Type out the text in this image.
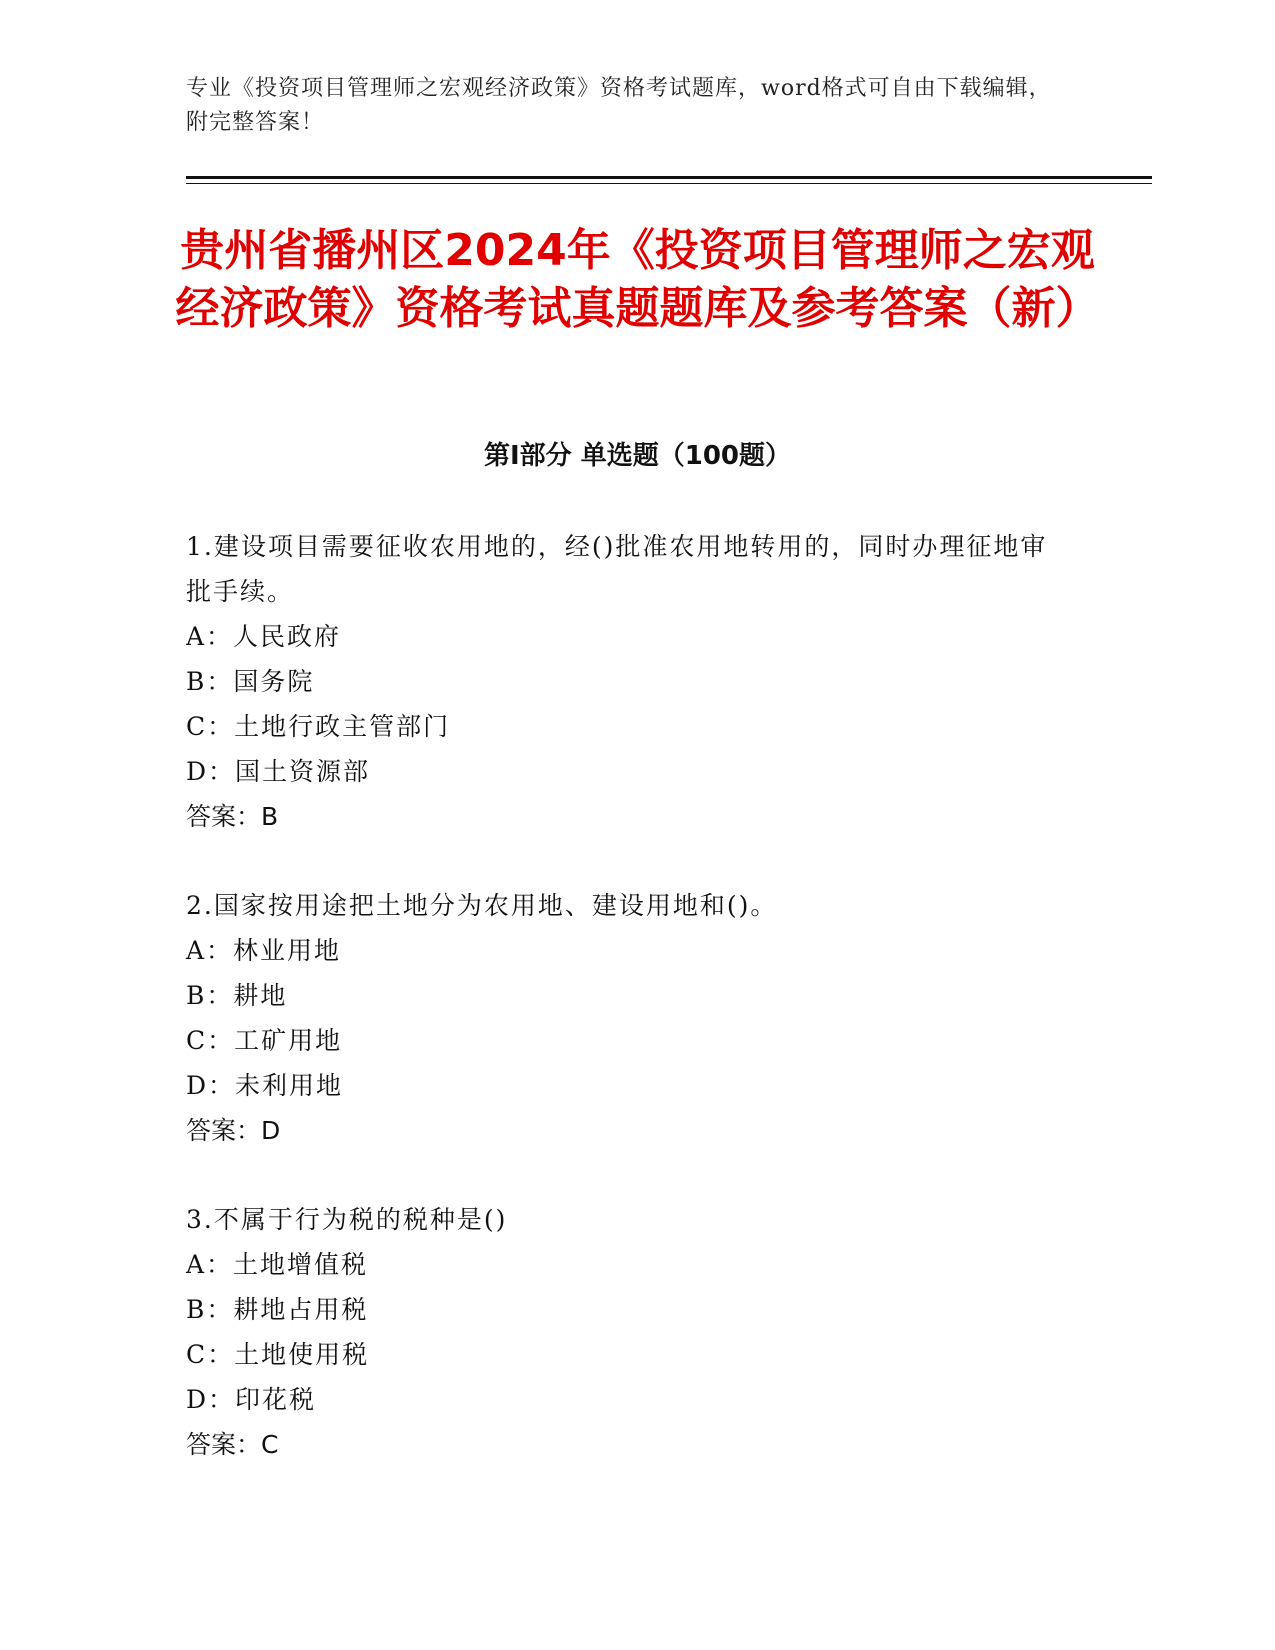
专业《投资项目管理师之宏观经济政策》资格考试题库，word格式可自由下载编辑，附完整答案！
贵州省播州区2024年《投资项目管理师之宏观经济政策》资格考试真题题库及参考答案（新）
第I部分 单选题（100题）
1.建设项目需要征收农用地的，经()批准农用地转用的，同时办理征地审批手续。
A：人民政府
B：国务院
C：土地行政主管部门
D：国土资源部
答案：B
2.国家按用途把土地分为农用地、建设用地和()。
A：林业用地
B：耕地
C：工矿用地
D：未利用地
答案：D
3.不属于行为税的税种是()
A：土地增值税
B：耕地占用税
C：土地使用税
D：印花税
答案：C
